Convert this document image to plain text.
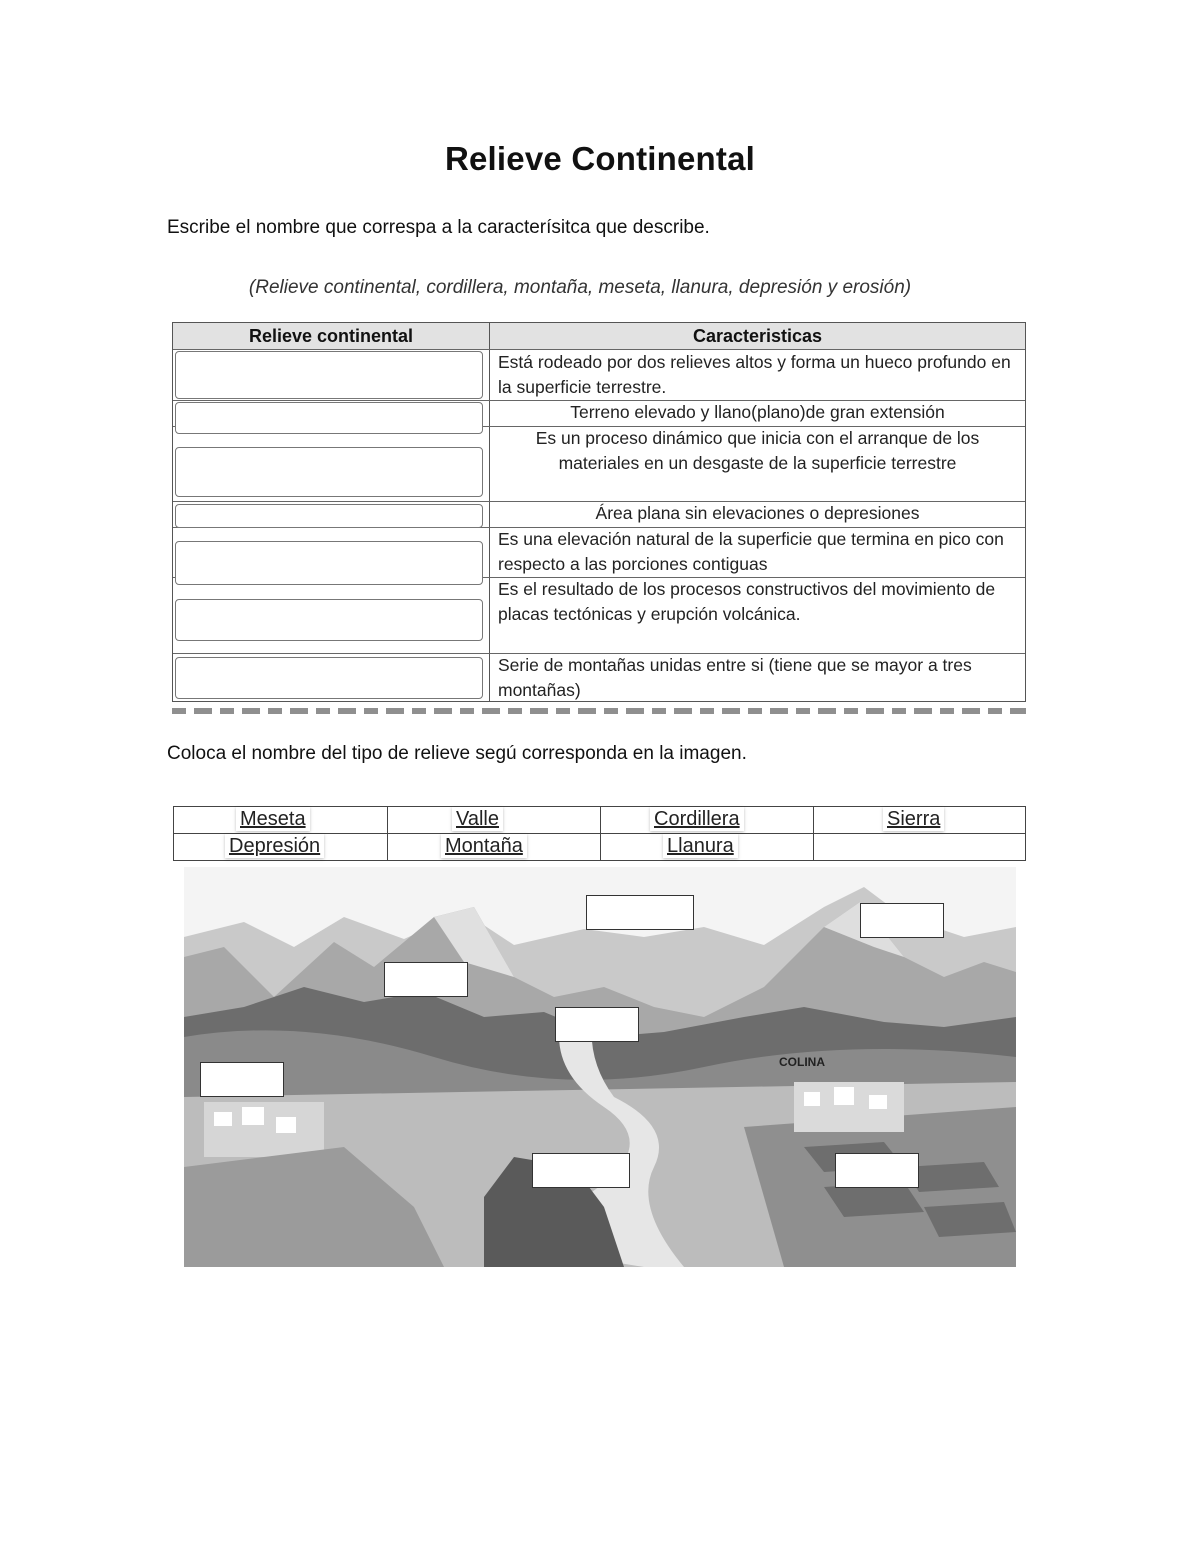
Relieve Continental
Escribe el nombre que correspa a la caracterísitca que describe.
(Relieve continental, cordillera, montaña, meseta, llanura, depresión y erosión)
Relieve continental	Caracteristicas
Está rodeado por dos relieves altos y forma un hueco profundo en la superficie terrestre.
Terreno elevado y llano(plano)de gran extensión
Es un proceso dinámico que inicia con el arranque de los materiales en un desgaste de la superficie terrestre
Área plana sin elevaciones o depresiones
Es una elevación natural de la superficie que termina en pico con respecto a las porciones contiguas
Es el resultado de los procesos constructivos del movimiento de placas tectónicas y erupción volcánica.
Serie de montañas unidas entre si (tiene que se mayor a tres montañas)
Coloca el nombre del tipo de relieve segú corresponda en la imagen.
Meseta	Valle	Cordillera	Sierra
Depresión	Montaña	Llanura
COLINA
